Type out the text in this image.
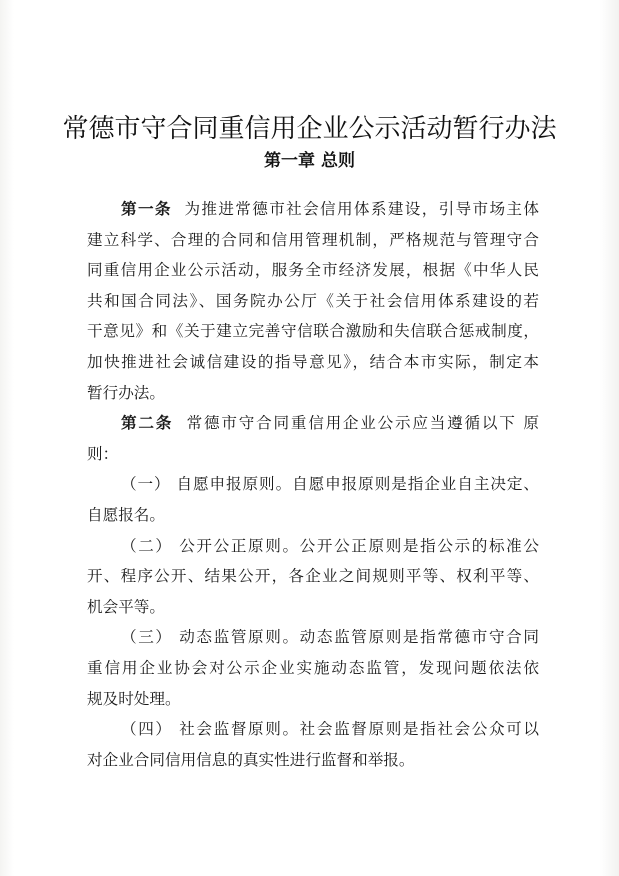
常德市守合同重信用企业公示活动暂行办法
第一章 总则
第一条 为推进常德市社会信用体系建设，引导市场主体
建立科学、合理的合同和信用管理机制，严格规范与管理守合
同重信用企业公示活动，服务全市经济发展，根据《中华人民
共和国合同法》、国务院办公厅《关于社会信用体系建设的若
干意见》和《关于建立完善守信联合激励和失信联合惩戒制度，
加快推进社会诚信建设的指导意见》，结合本市实际，制定本
暂行办法。
第二条 常德市守合同重信用企业公示应当遵循以下 原
则：
（一） 自愿申报原则。自愿申报原则是指企业自主决定、
自愿报名。
（二） 公开公正原则。公开公正原则是指公示的标准公
开、程序公开、结果公开，各企业之间规则平等、权利平等、
机会平等。
（三） 动态监管原则。动态监管原则是指常德市守合同
重信用企业协会对公示企业实施动态监管，发现问题依法依
规及时处理。
（四） 社会监督原则。社会监督原则是指社会公众可以
对企业合同信用信息的真实性进行监督和举报。
